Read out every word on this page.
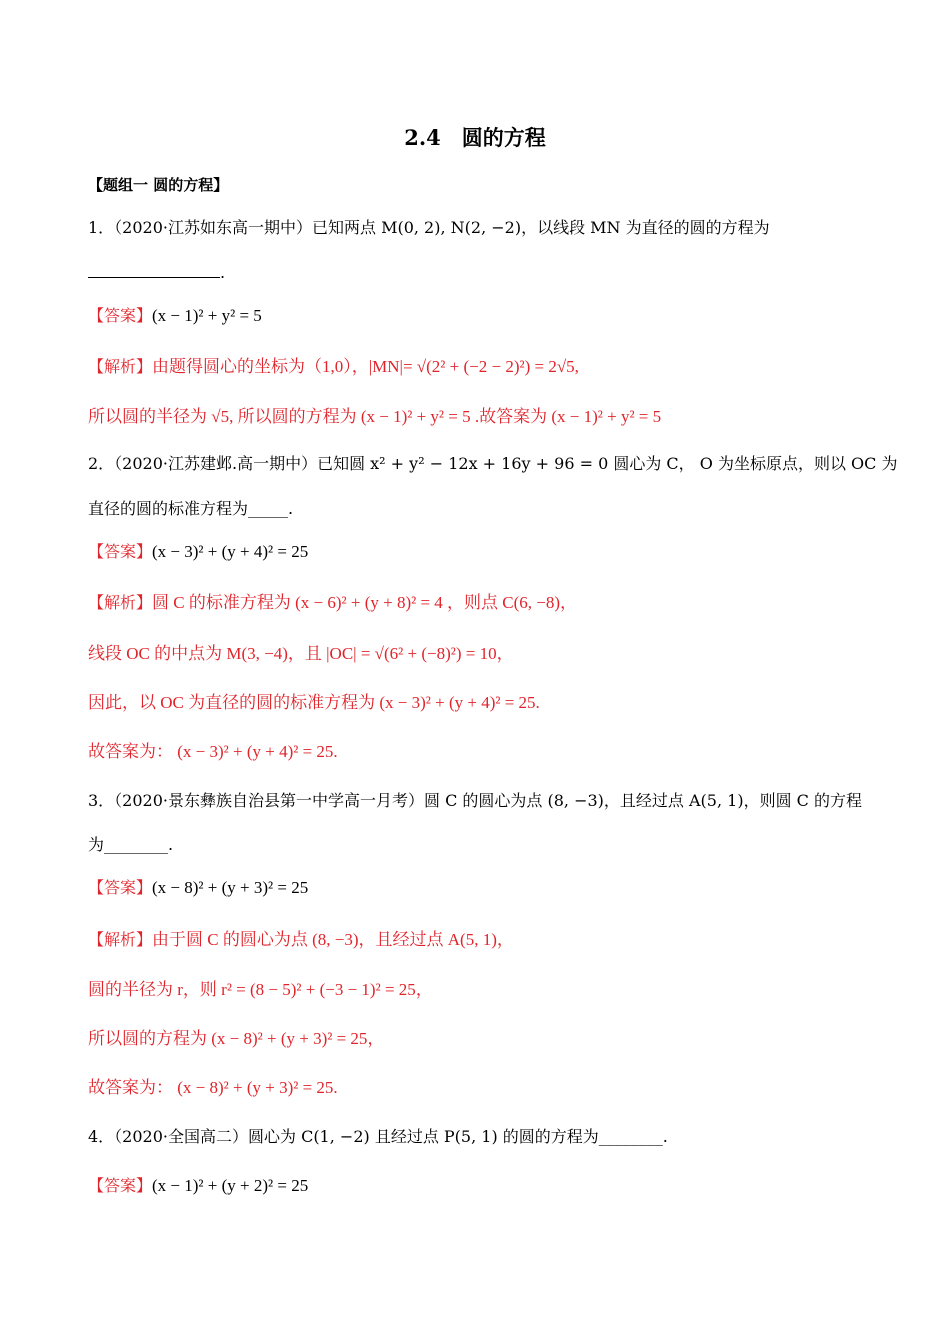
2.4　圆的方程
【题组一 圆的方程】
1．（2020·江苏如东高一期中）已知两点 M(0, 2), N(2, −2)，以线段 MN 为直径的圆的方程为
.
【答案】(x − 1)² + y² = 5
【解析】由题得圆心的坐标为（1,0），|MN|= √(2² + (−2 − 2)²) = 2√5,
所以圆的半径为 √5, 所以圆的方程为 (x − 1)² + y² = 5 .故答案为 (x − 1)² + y² = 5
2．（2020·江苏建邺.高一期中）已知圆 x² + y² − 12x + 16y + 96 = 0 圆心为 C， O 为坐标原点，则以 OC 为
直径的圆的标准方程为_____.
【答案】(x − 3)² + (y + 4)² = 25
【解析】圆 C 的标准方程为 (x − 6)² + (y + 8)² = 4 ，则点 C(6, −8)，
线段 OC 的中点为 M(3, −4)，且 |OC| = √(6² + (−8)²) = 10，
因此，以 OC 为直径的圆的标准方程为 (x − 3)² + (y + 4)² = 25.
故答案为： (x − 3)² + (y + 4)² = 25.
3．（2020·景东彝族自治县第一中学高一月考）圆 C 的圆心为点 (8, −3)，且经过点 A(5, 1)，则圆 C 的方程
为________.
【答案】(x − 8)² + (y + 3)² = 25
【解析】由于圆 C 的圆心为点 (8, −3)，且经过点 A(5, 1)，
圆的半径为 r，则 r² = (8 − 5)² + (−3 − 1)² = 25，
所以圆的方程为 (x − 8)² + (y + 3)² = 25，
故答案为： (x − 8)² + (y + 3)² = 25.
4．（2020·全国高二）圆心为 C(1, −2) 且经过点 P(5, 1) 的圆的方程为________.
【答案】(x − 1)² + (y + 2)² = 25
